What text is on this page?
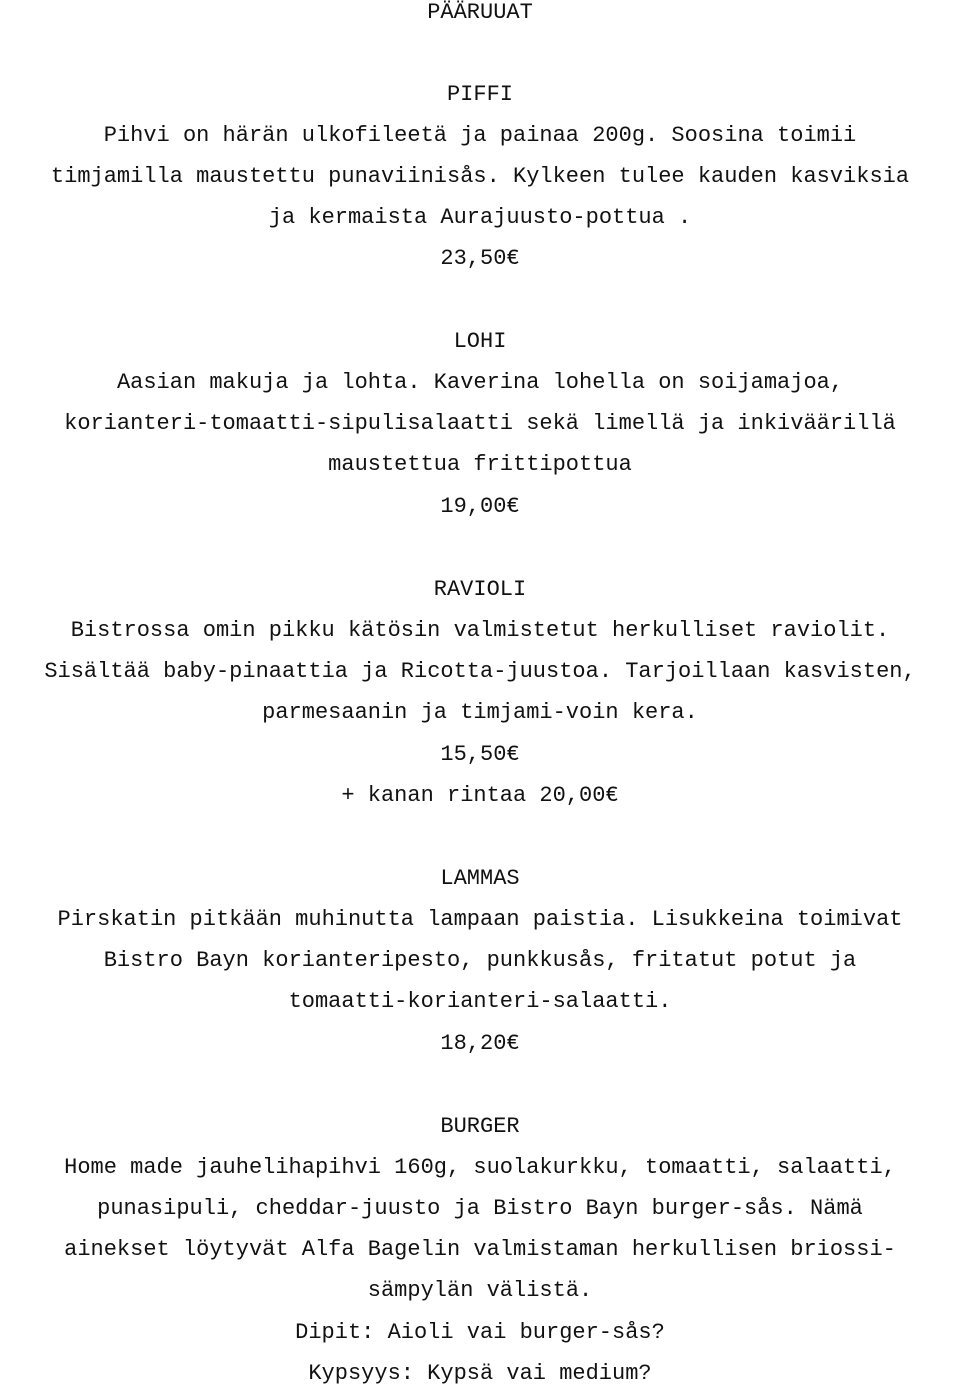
PÄÄRUUAT
PIFFI
Pihvi on härän ulkofileetä ja painaa 200g. Soosina toimii
timjamilla maustettu punaviinisås. Kylkeen tulee kauden kasviksia
ja kermaista Aurajuusto-pottua .
23,50€
LOHI
Aasian makuja ja lohta. Kaverina lohella on soijamajoa,
korianteri-tomaatti-sipulisalaatti sekä limellä ja inkiväärillä
maustettua frittipottua
19,00€
RAVIOLI
Bistrossa omin pikku kätösin valmistetut herkulliset raviolit.
Sisältää baby-pinaattia ja Ricotta-juustoa. Tarjoillaan kasvisten,
parmesaanin ja timjami-voin kera.
15,50€
+ kanan rintaa 20,00€
LAMMAS
Pirskatin pitkään muhinutta lampaan paistia. Lisukkeina toimivat
Bistro Bayn korianteripesto, punkkusås, fritatut potut ja
tomaatti-korianteri-salaatti.
18,20€
BURGER
Home made jauhelihapihvi 160g, suolakurkku, tomaatti, salaatti,
punasipuli, cheddar-juusto ja Bistro Bayn burger-sås. Nämä
ainekset löytyvät Alfa Bagelin valmistaman herkullisen briossi-
sämpylän välistä.
Dipit: Aioli vai burger-sås?
Kypsyys: Kypsä vai medium?
